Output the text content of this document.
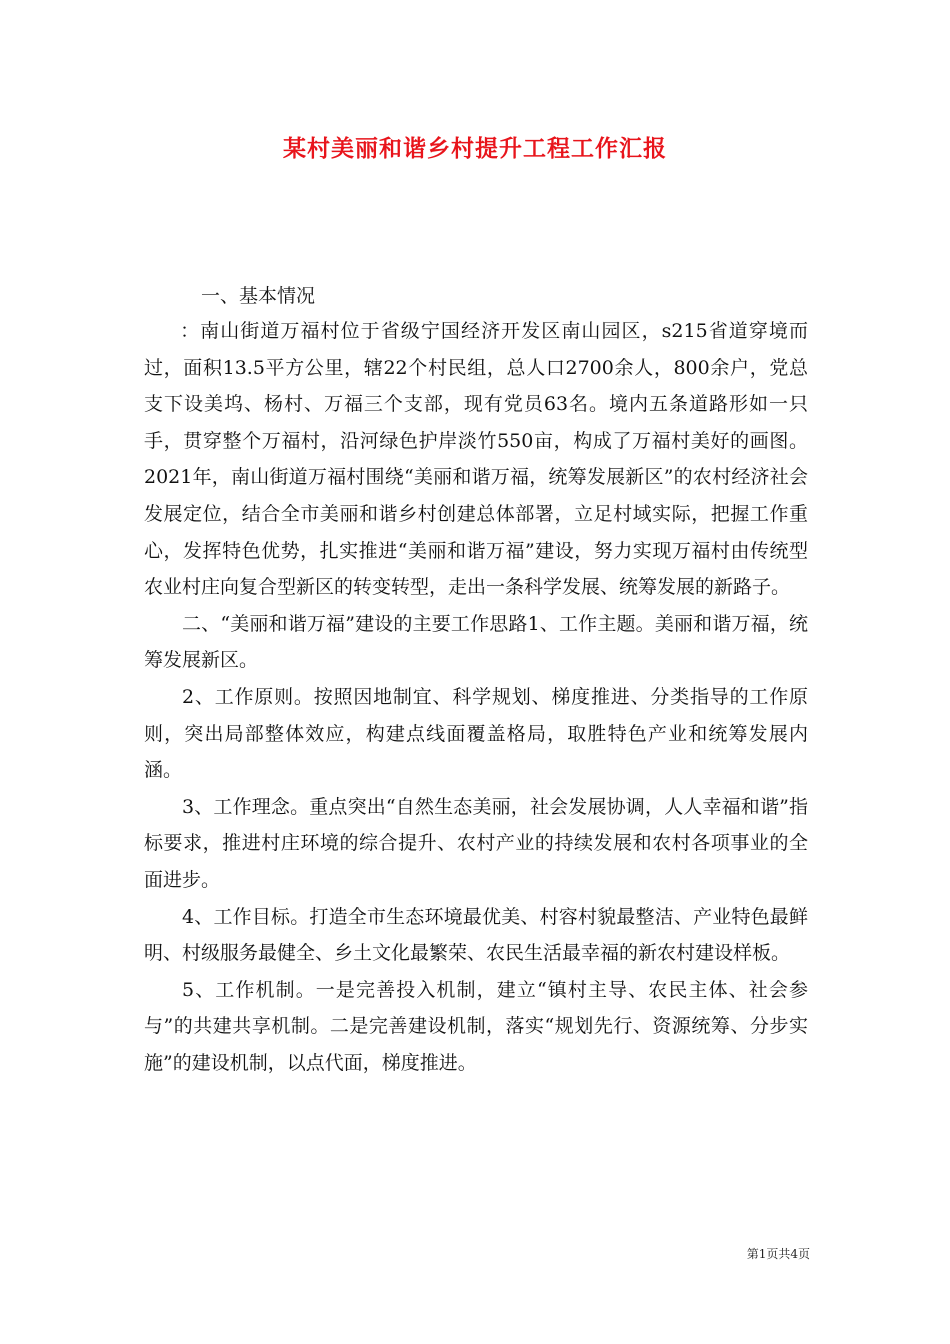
某村美丽和谐乡村提升工程工作汇报
一、基本情况

：南山街道万福村位于省级宁国经济开发区南山园区，s215省道穿境而过，面积13.5平方公里，辖22个村民组，总人口2700余人，800余户，党总支下设美坞、杨村、万福三个支部，现有党员63名。境内五条道路形如一只手，贯穿整个万福村，沿河绿色护岸淡竹550亩，构成了万福村美好的画图。2021年，南山街道万福村围绕“美丽和谐万福，统筹发展新区”的农村经济社会发展定位，结合全市美丽和谐乡村创建总体部署，立足村域实际，把握工作重心，发挥特色优势，扎实推进“美丽和谐万福”建设，努力实现万福村由传统型农业村庄向复合型新区的转变转型，走出一条科学发展、统筹发展的新路子。

二、“美丽和谐万福”建设的主要工作思路1、工作主题。美丽和谐万福，统筹发展新区。

2、工作原则。按照因地制宜、科学规划、梯度推进、分类指导的工作原则，突出局部整体效应，构建点线面覆盖格局，取胜特色产业和统筹发展内涵。

3、工作理念。重点突出“自然生态美丽，社会发展协调，人人幸福和谐”指标要求，推进村庄环境的综合提升、农村产业的持续发展和农村各项事业的全面进步。

4、工作目标。打造全市生态环境最优美、村容村貌最整洁、产业特色最鲜明、村级服务最健全、乡土文化最繁荣、农民生活最幸福的新农村建设样板。

5、工作机制。一是完善投入机制，建立“镇村主导、农民主体、社会参与”的共建共享机制。二是完善建设机制，落实“规划先行、资源统筹、分步实施”的建设机制，以点代面，梯度推进。

第1页共4页
